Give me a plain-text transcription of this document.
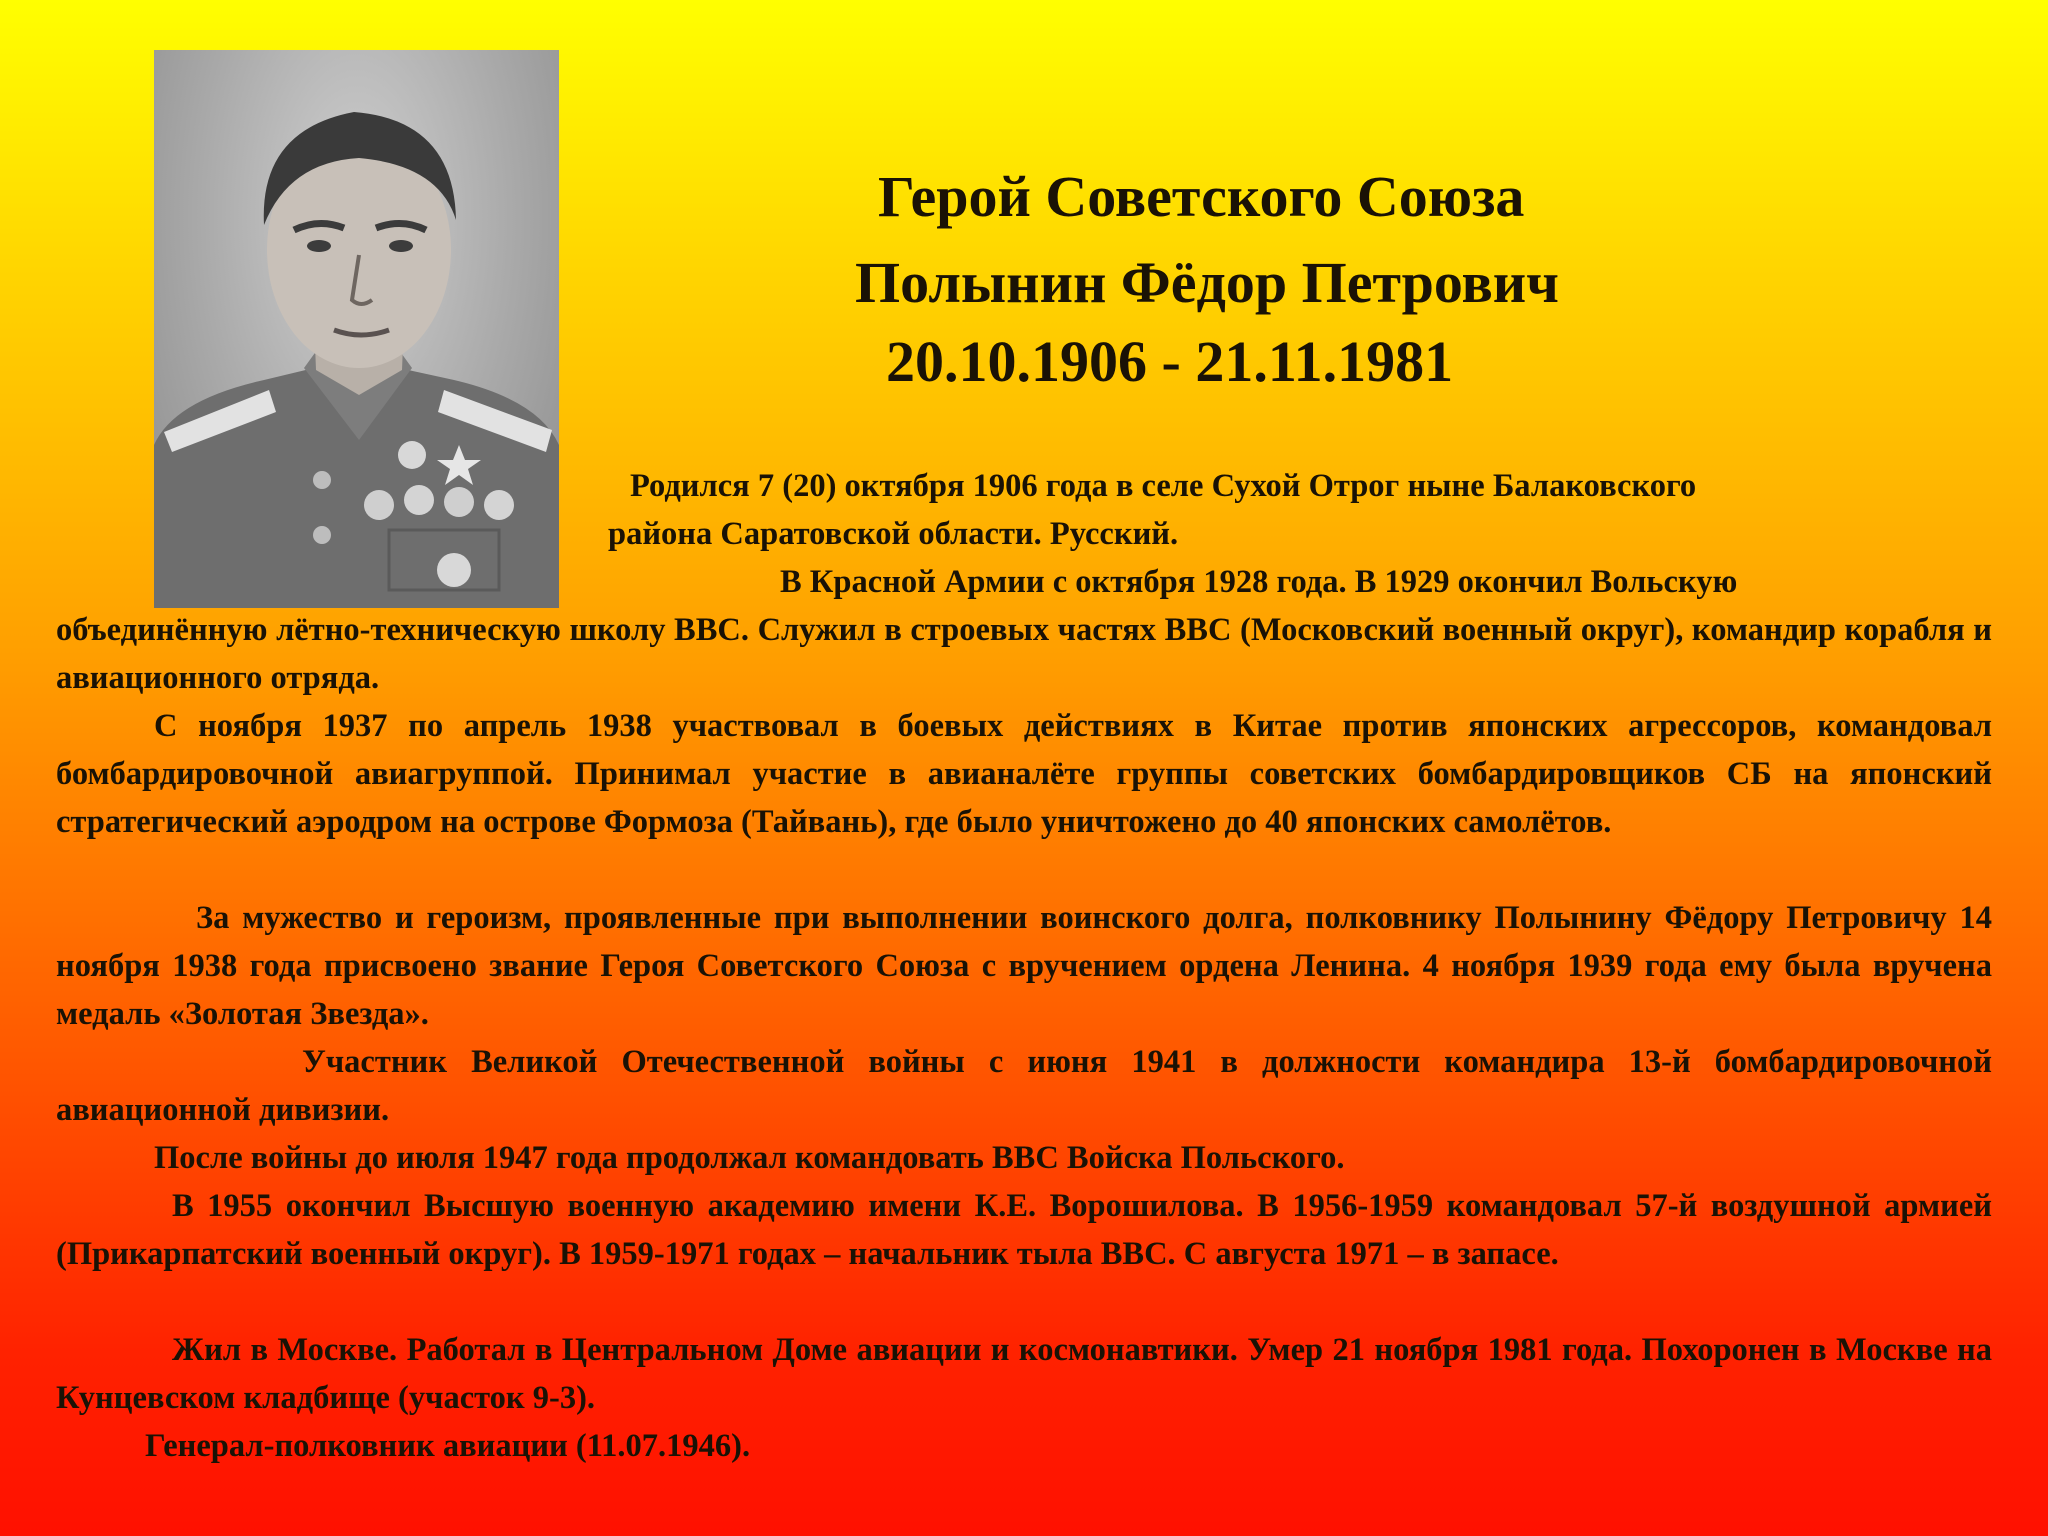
Герой Советского Союза
Полынин Фёдор Петрович
20.10.1906 - 21.11.1981
Родился 7 (20) октября 1906 года в селе Сухой Отрог ныне Балаковского
района Саратовской области. Русский.
В Красной Армии с октября 1928 года. В 1929 окончил Вольскую
объединённую лётно-техническую школу ВВС. Служил в строевых частях ВВС (Московский военный округ), командир корабля и авиационного отряда.
С ноября 1937 по апрель 1938 участвовал в боевых действиях в Китае против японских агрессоров, командовал бомбардировочной авиагруппой. Принимал участие в авианалёте группы советских бомбардировщиков СБ на японский стратегический аэродром на острове Формоза (Тайвань), где было уничтожено до 40 японских самолётов.
За мужество и героизм, проявленные при выполнении воинского долга, полковнику Полынину Фёдору Петровичу 14 ноября 1938 года присвоено звание Героя Советского Союза с вручением ордена Ленина. 4 ноября 1939 года ему была вручена медаль «Золотая Звезда».
Участник Великой Отечественной войны с июня 1941 в должности командира 13-й бомбардировочной авиационной дивизии.
После войны до июля 1947 года продолжал командовать ВВС Войска Польского.
В 1955 окончил Высшую военную академию имени К.Е. Ворошилова. В 1956-1959 командовал 57-й воздушной армией (Прикарпатский военный округ). В 1959-1971 годах – начальник тыла ВВС. С августа 1971 – в запасе.
Жил в Москве. Работал в Центральном Доме авиации и космонавтики. Умер 21 ноября 1981 года. Похоронен в Москве на Кунцевском кладбище (участок 9-3).
Генерал-полковник авиации (11.07.1946).
